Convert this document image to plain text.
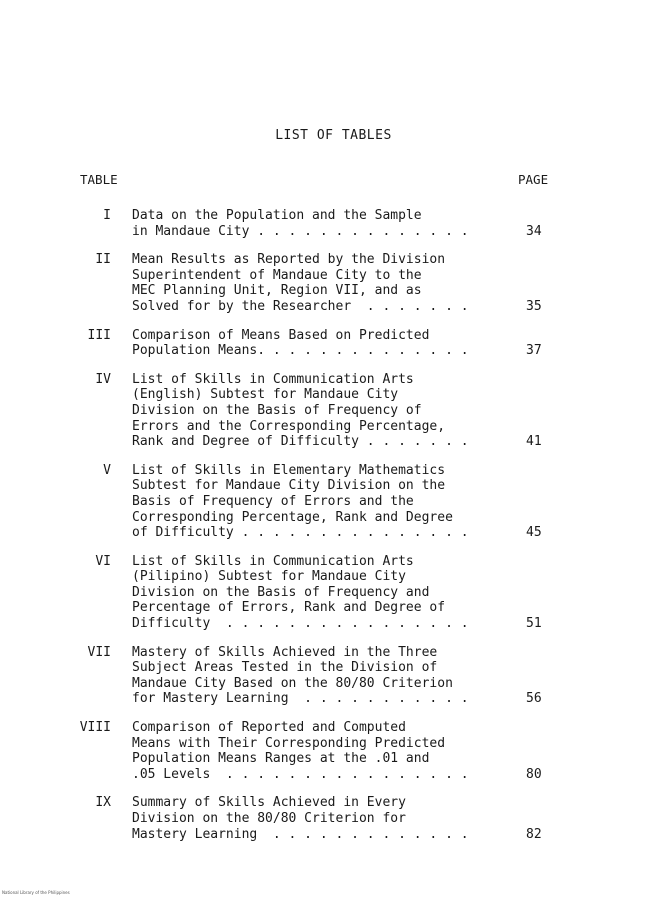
LIST OF TABLES
TABLE	PAGE
I Data on the Population and the Sample
in Mandaue City . . . . . . . . . . . . . .	34
II Mean Results as Reported by the Division
Superintendent of Mandaue City to the
MEC Planning Unit, Region VII, and as
Solved for by the Researcher  . . . . . . .	35
III Comparison of Means Based on Predicted
Population Means. . . . . . . . . . . . . .	37
IV List of Skills in Communication Arts
(English) Subtest for Mandaue City
Division on the Basis of Frequency of
Errors and the Corresponding Percentage,
Rank and Degree of Difficulty . . . . . . .	41
V List of Skills in Elementary Mathematics
Subtest for Mandaue City Division on the
Basis of Frequency of Errors and the
Corresponding Percentage, Rank and Degree
of Difficulty . . . . . . . . . . . . . . .	45
VI List of Skills in Communication Arts
(Pilipino) Subtest for Mandaue City
Division on the Basis of Frequency and
Percentage of Errors, Rank and Degree of
Difficulty  . . . . . . . . . . . . . . . .	51
VII Mastery of Skills Achieved in the Three
Subject Areas Tested in the Division of
Mandaue City Based on the 80/80 Criterion
for Mastery Learning  . . . . . . . . . . .	56
VIII Comparison of Reported and Computed
Means with Their Corresponding Predicted
Population Means Ranges at the .01 and
.05 Levels  . . . . . . . . . . . . . . . .	80
IX Summary of Skills Achieved in Every
Division on the 80/80 Criterion for
Mastery Learning  . . . . . . . . . . . . .	82
National Library of the Philippines
